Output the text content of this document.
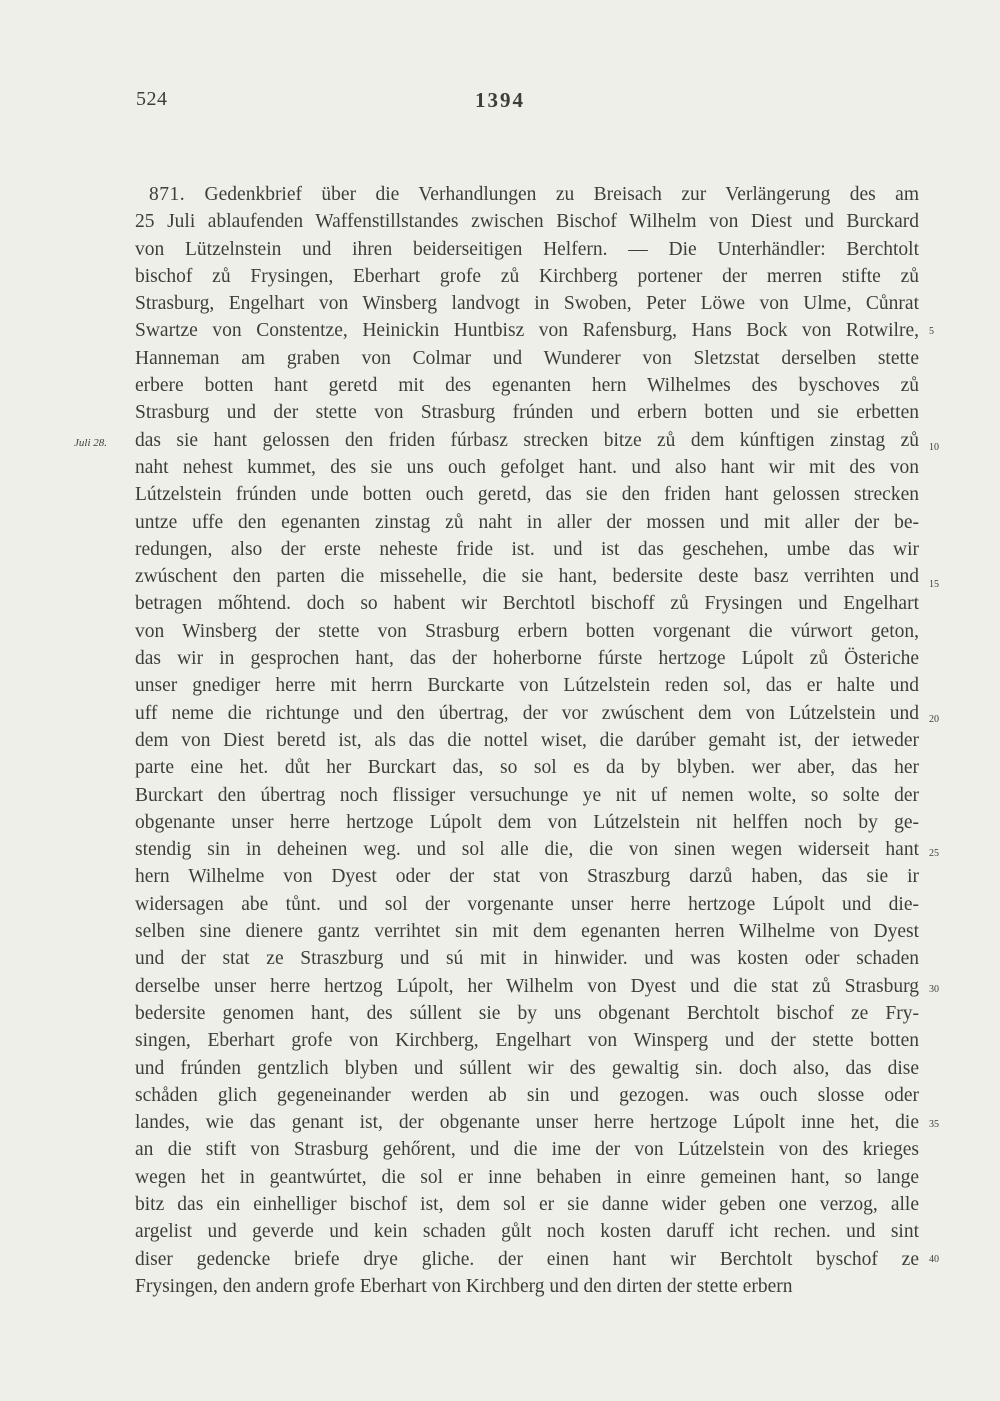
524	1394
Juli 28.
5
10
15
20
25
30
35
40
871. Gedenkbrief über die Verhandlungen zu Breisach zur Verlängerung des am
25 Juli ablaufenden Waffenstillstandes zwischen Bischof Wilhelm von Diest und Burckard
von Lützelnstein und ihren beiderseitigen Helfern. — Die Unterhändler: Berchtolt
bischof zů Frysingen, Eberhart grofe zů Kirchberg portener der merren stifte zů
Strasburg, Engelhart von Winsberg landvogt in Swoben, Peter Löwe von Ulme, Cůnrat
Swartze von Constentze, Heinickin Huntbisz von Rafensburg, Hans Bock von Rotwilre,
Hanneman am graben von Colmar und Wunderer von Sletzstat derselben stette
erbere botten hant geretd mit des egenanten hern Wilhelmes des byschoves zů
Strasburg und der stette von Strasburg frúnden und erbern botten und sie erbetten
das sie hant gelossen den friden fúrbasz strecken bitze zů dem kúnftigen zinstag zů
naht nehest kummet, des sie uns ouch gefolget hant. und also hant wir mit des von
Lútzelstein frúnden unde botten ouch geretd, das sie den friden hant gelossen strecken
untze uffe den egenanten zinstag zů naht in aller der mossen und mit aller der be-
redungen, also der erste neheste fride ist. und ist das geschehen, umbe das wir
zwúschent den parten die missehelle, die sie hant, bedersite deste basz verrihten und
betragen mőhtend. doch so habent wir Berchtotl bischoff zů Frysingen und Engelhart
von Winsberg der stette von Strasburg erbern botten vorgenant die vúrwort geton,
das wir in gesprochen hant, das der hoherborne fúrste hertzoge Lúpolt zů Österiche
unser gnediger herre mit herrn Burckarte von Lútzelstein reden sol, das er halte und
uff neme die richtunge und den úbertrag, der vor zwúschent dem von Lútzelstein und
dem von Diest beretd ist, als das die nottel wiset, die darúber gemaht ist, der ietweder
parte eine het. důt her Burckart das, so sol es da by blyben. wer aber, das her
Burckart den úbertrag noch flissiger versuchunge ye nit uf nemen wolte, so solte der
obgenante unser herre hertzoge Lúpolt dem von Lútzelstein nit helffen noch by ge-
stendig sin in deheinen weg. und sol alle die, die von sinen wegen widerseit hant
hern Wilhelme von Dyest oder der stat von Straszburg darzů haben, das sie ir
widersagen abe tůnt. und sol der vorgenante unser herre hertzoge Lúpolt und die-
selben sine dienere gantz verrihtet sin mit dem egenanten herren Wilhelme von Dyest
und der stat ze Straszburg und sú mit in hinwider. und was kosten oder schaden
derselbe unser herre hertzog Lúpolt, her Wilhelm von Dyest und die stat zů Strasburg
bedersite genomen hant, des súllent sie by uns obgenant Berchtolt bischof ze Fry-
singen, Eberhart grofe von Kirchberg, Engelhart von Winsperg und der stette botten
und frúnden gentzlich blyben und súllent wir des gewaltig sin. doch also, das dise
schåden glich gegeneinander werden ab sin und gezogen. was ouch slosse oder
landes, wie das genant ist, der obgenante unser herre hertzoge Lúpolt inne het, die
an die stift von Strasburg gehőrent, und die ime der von Lútzelstein von des krieges
wegen het in geantwúrtet, die sol er inne behaben in einre gemeinen hant, so lange
bitz das ein einhelliger bischof ist, dem sol er sie danne wider geben one verzog, alle
argelist und geverde und kein schaden gůlt noch kosten daruff icht rechen. und sint
diser gedencke briefe drye gliche. der einen hant wir Berchtolt byschof ze
Frysingen, den andern grofe Eberhart von Kirchberg und den dirten der stette erbern
